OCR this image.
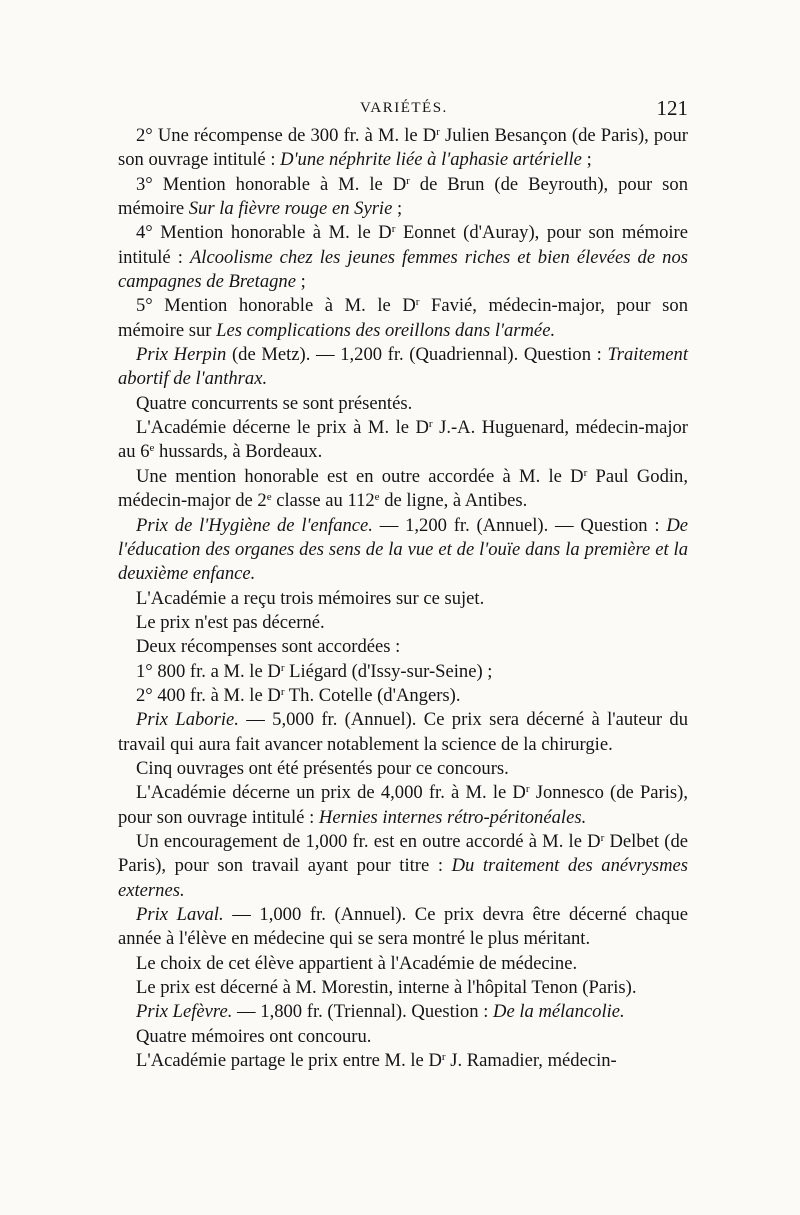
VARIÉTÉS.	121

2° Une récompense de 300 fr. à M. le $D^r$ Julien Besançon (de Paris), pour son ouvrage intitulé : D'une néphrite liée à l'aphasie artérielle ;

3° Mention honorable à M. le $D^r$ de Brun (de Beyrouth), pour son mémoire Sur la fièvre rouge en Syrie ;

4° Mention honorable à M. le $D^r$ Eonnet (d'Auray), pour son mémoire intitulé : Alcoolisme chez les jeunes femmes riches et bien élevées de nos campagnes de Bretagne ;

5° Mention honorable à M. le $D^r$ Favié, médecin-major, pour son mémoire sur Les complications des oreillons dans l'armée.

Prix Herpin (de Metz). — 1,200 fr. (Quadriennal). Question : Traitement abortif de l'anthrax.

Quatre concurrents se sont présentés.

L'Académie décerne le prix à M. le $D^r$ J.-A. Huguenard, médecin-major au 6e hussards, à Bordeaux.

Une mention honorable est en outre accordée à M. le $D^r$ Paul Godin, médecin-major de 2e classe au 112e de ligne, à Antibes.

Prix de l'Hygiène de l'enfance. — 1,200 fr. (Annuel). — Question : De l'éducation des organes des sens de la vue et de l'ouïe dans la première et la deuxième enfance.

L'Académie a reçu trois mémoires sur ce sujet.

Le prix n'est pas décerné.

Deux récompenses sont accordées :

1° 800 fr. a M. le $D^r$ Liégard (d'Issy-sur-Seine) ;

2° 400 fr. à M. le $D^r$ Th. Cotelle (d'Angers).

Prix Laborie. — 5,000 fr. (Annuel). Ce prix sera décerné à l'auteur du travail qui aura fait avancer notablement la science de la chirurgie.

Cinq ouvrages ont été présentés pour ce concours.

L'Académie décerne un prix de 4,000 fr. à M. le $D^r$ Jonnesco (de Paris), pour son ouvrage intitulé : Hernies internes rétro-péritonéales.

Un encouragement de 1,000 fr. est en outre accordé à M. le $D^r$ Delbet (de Paris), pour son travail ayant pour titre : Du traitement des anévrysmes externes.

Prix Laval. — 1,000 fr. (Annuel). Ce prix devra être décerné chaque année à l'élève en médecine qui se sera montré le plus méritant.

Le choix de cet élève appartient à l'Académie de médecine.

Le prix est décerné à M. Morestin, interne à l'hôpital Tenon (Paris).

Prix Lefèvre. — 1,800 fr. (Triennal). Question : De la mélancolie.

Quatre mémoires ont concouru.

L'Académie partage le prix entre M. le $D^r$ J. Ramadier, médecin-
